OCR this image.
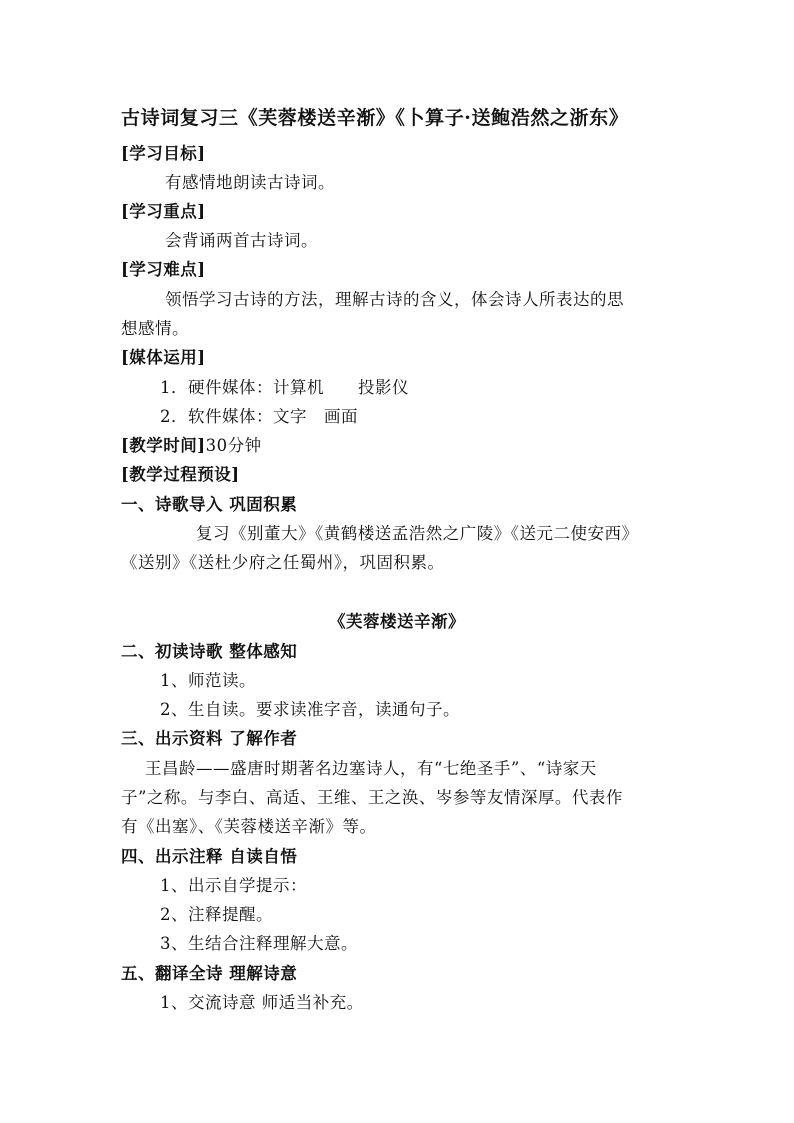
古诗词复习三《芙蓉楼送辛渐》《卜算子·送鲍浩然之浙东》
[学习目标]
有感情地朗读古诗词。
[学习重点]
会背诵两首古诗词。
[学习难点]
领悟学习古诗的方法，理解古诗的含义，体会诗人所表达的思
想感情。
[媒体运用]
1．硬件媒体：计算机　　投影仪
2．软件媒体：文字　画面
[教学时间]30分钟
[教学过程预设]
一、诗歌导入 巩固积累
复习《别董大》《黄鹤楼送孟浩然之广陵》《送元二使安西》
《送别》《送杜少府之任蜀州》，巩固积累。
《芙蓉楼送辛渐》
二、初读诗歌 整体感知
1、师范读。
2、生自读。要求读准字音，读通句子。
三、出示资料 了解作者
王昌龄——盛唐时期著名边塞诗人，有“七绝圣手”、“诗家天
子”之称。与李白、高适、王维、王之涣、岑参等友情深厚。代表作
有《出塞》、《芙蓉楼送辛渐》等。
四、出示注释 自读自悟
1、出示自学提示：
2、注释提醒。
3、生结合注释理解大意。
五、翻译全诗 理解诗意
1、交流诗意 师适当补充。
